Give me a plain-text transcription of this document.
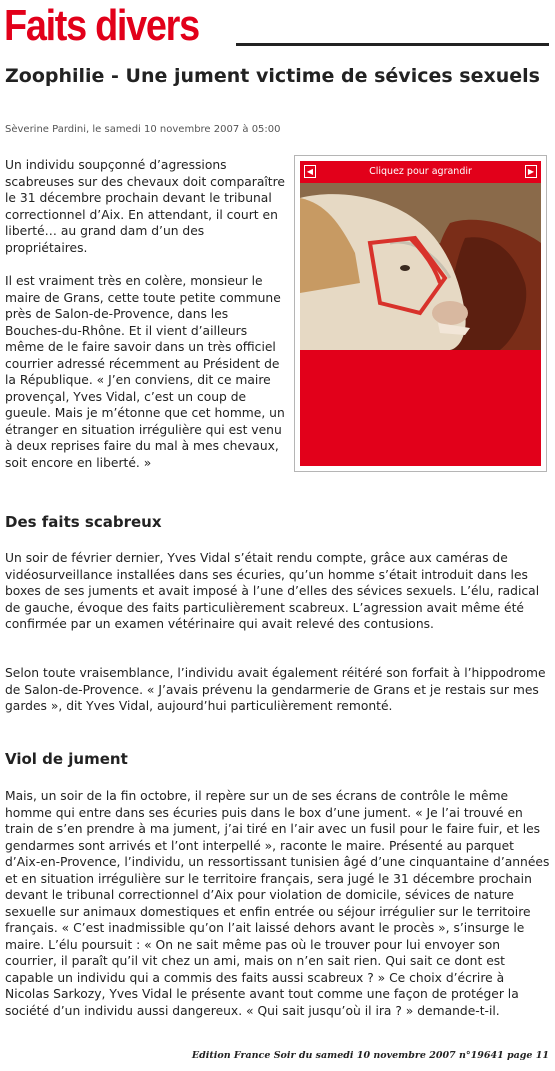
Faits divers
Zoophilie - Une jument victime de sévices sexuels
Sèverine Pardini, le samedi 10 novembre 2007 à 05:00

Un individu soupçonné d’agressions scabreuses sur des chevaux doit comparaître le 31 décembre prochain devant le tribunal correctionnel d’Aix. En attendant, il court en liberté… au grand dam d’un des propriétaires.

Il est vraiment très en colère, monsieur le maire de Grans, cette toute petite commune près de Salon-de-Provence, dans les Bouches-du-Rhône. Et il vient d’ailleurs même de le faire savoir dans un très officiel courrier adressé récemment au Président de la République. « J’en conviens, dit ce maire provençal, Yves Vidal, c’est un coup de gueule. Mais je m’étonne que cet homme, un étranger en situation irrégulière qui est venu à deux reprises faire du mal à mes chevaux, soit encore en liberté. »

◀	Cliquez pour agrandir	▶
Des faits scabreux

Un soir de février dernier, Yves Vidal s’était rendu compte, grâce aux caméras de vidéosurveillance installées dans ses écuries, qu’un homme s’était introduit dans les boxes de ses juments et avait imposé à l’une d’elles des sévices sexuels. L’élu, radical de gauche, évoque des faits particulièrement scabreux. L’agression avait même été confirmée par un examen vétérinaire qui avait relevé des contusions.

Selon toute vraisemblance, l’individu avait également réitéré son forfait à l’hippodrome de Salon-de-Provence. « J’avais prévenu la gendarmerie de Grans et je restais sur mes gardes », dit Yves Vidal, aujourd’hui particulièrement remonté.

Viol de jument

Mais, un soir de la fin octobre, il repère sur un de ses écrans de contrôle le même homme qui entre dans ses écuries puis dans le box d’une jument. « Je l’ai trouvé en train de s’en prendre à ma jument, j’ai tiré en l’air avec un fusil pour le faire fuir, et les gendarmes sont arrivés et l’ont interpellé », raconte le maire. Présenté au parquet d’Aix-en-Provence, l’individu, un ressortissant tunisien âgé d’une cinquantaine d’années et en situation irrégulière sur le territoire français, sera jugé le 31 décembre prochain devant le tribunal correctionnel d’Aix pour violation de domicile, sévices de nature sexuelle sur animaux domestiques et enfin entrée ou séjour irrégulier sur le territoire français. « C’est inadmissible qu’on l’ait laissé dehors avant le procès », s’insurge le maire. L’élu poursuit : « On ne sait même pas où le trouver pour lui envoyer son courrier, il paraît qu’il vit chez un ami, mais on n’en sait rien. Qui sait ce dont est capable un individu qui a commis des faits aussi scabreux ? » Ce choix d’écrire à Nicolas Sarkozy, Yves Vidal le présente avant tout comme une façon de protéger la société d’un individu aussi dangereux. « Qui sait jusqu’où il ira ? » demande-t-il.

Edition France Soir du samedi 10 novembre 2007 n°19641 page 11
